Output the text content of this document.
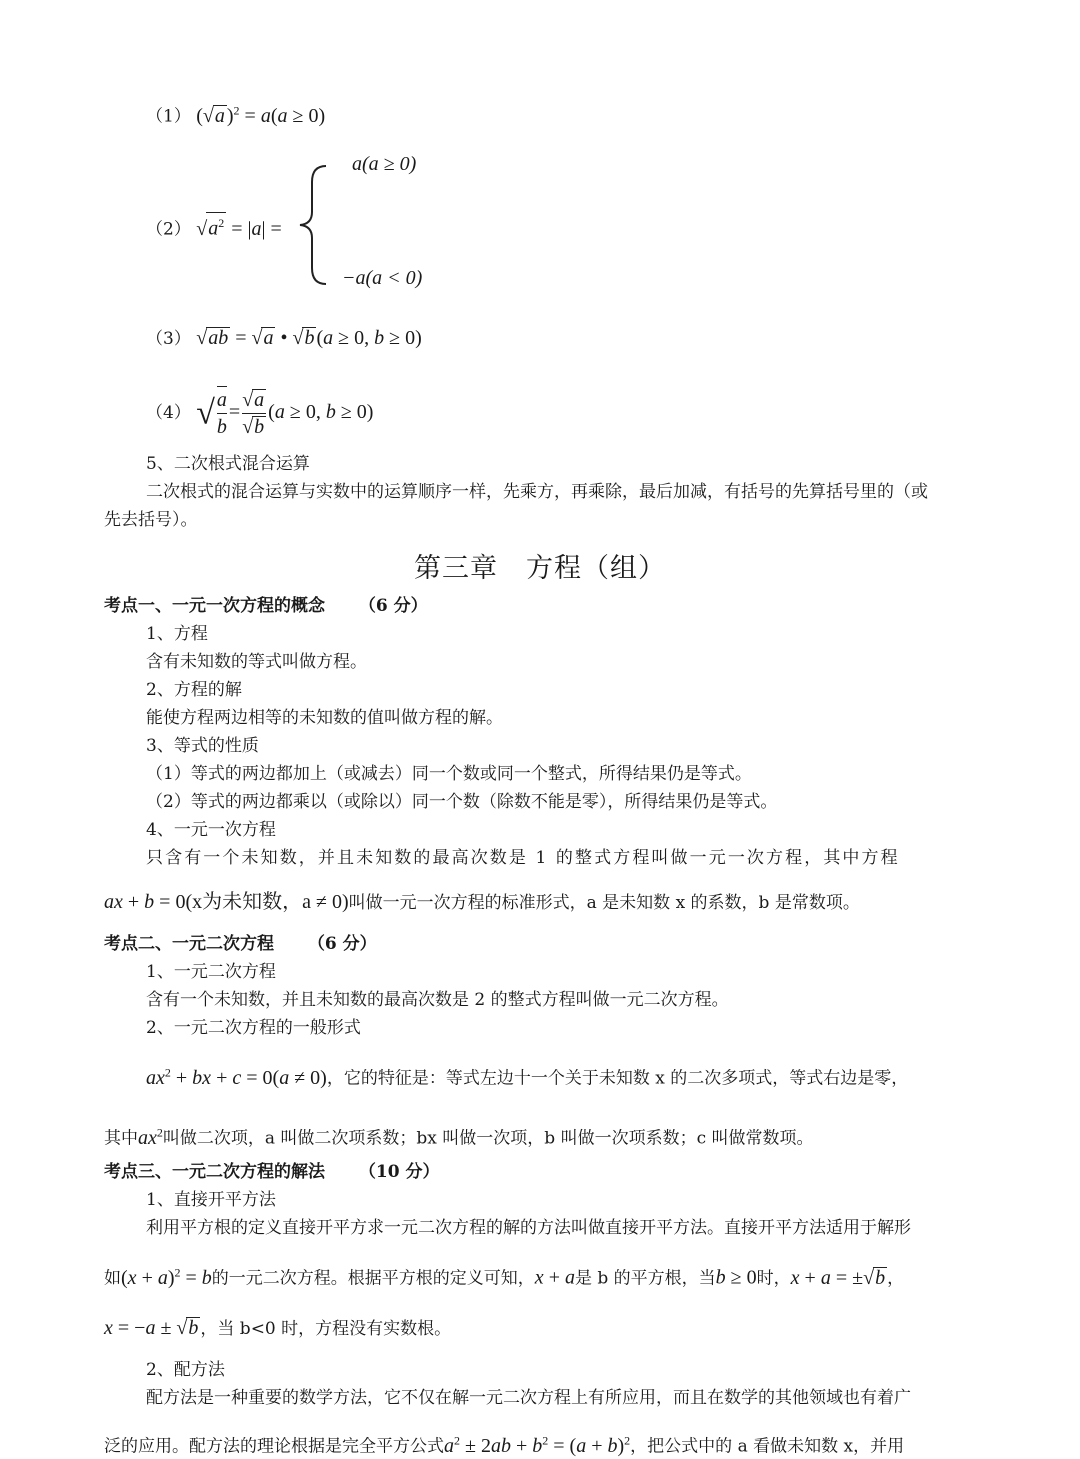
（1） (√a )$^2$ = a(a ≥ 0)
（2） $√a^2 = |a|$ =
a(a ≥ 0)
−a(a < 0)
（3） √ab = √a • √b (a ≥ 0, b ≥ 0)
（4） √ $\frac{a}{b} = \frac{√a}{√b} (a \ge 0$, b ≥ 0)
5、二次根式混合运算
二次根式的混合运算与实数中的运算顺序一样，先乘方，再乘除，最后加减，有括号的先算括号里的（或
先去括号）。
第三章　方程（组）
考点一、一元一次方程的概念 （6 分）
1、方程
含有未知数的等式叫做方程。
2、方程的解
能使方程两边相等的未知数的值叫做方程的解。
3、等式的性质
（1）等式的两边都加上（或减去）同一个数或同一个整式，所得结果仍是等式。
（2）等式的两边都乘以（或除以）同一个数（除数不能是零），所得结果仍是等式。
4、一元一次方程
只含有一个未知数，并且未知数的最高次数是 1 的整式方程叫做一元一次方程，其中方程
ax + b = 0(x为未知数，a ≠ 0)叫做一元一次方程的标准形式，a 是未知数 x 的系数，b 是常数项。
考点二、一元二次方程 （6 分）
1、一元二次方程
含有一个未知数，并且未知数的最高次数是 2 的整式方程叫做一元二次方程。
2、一元二次方程的一般形式
$ax^2$ + bx + c = 0(a ≠ 0)，它的特征是：等式左边十一个关于未知数 x 的二次多项式，等式右边是零，
其中$ax^2$叫做二次项，a 叫做二次项系数；bx 叫做一次项，b 叫做一次项系数；c 叫做常数项。
考点三、一元二次方程的解法 （10 分）
1、直接开平方法
利用平方根的定义直接开平方求一元二次方程的解的方法叫做直接开平方法。直接开平方法适用于解形
如$(x + a)^2 = b$的一元二次方程。根据平方根的定义可知，x + a是 b 的平方根，当b ≥ 0时，x + a = ±√b ，
x = −a ± √b ，当 b<0 时，方程没有实数根。
2、配方法
配方法是一种重要的数学方法，它不仅在解一元二次方程上有所应用，而且在数学的其他领域也有着广
泛的应用。配方法的理论根据是完全平方公式$a^2 \pm 2ab + b^2 = (a + b)^2$，把公式中的 a 看做未知数 x，并用
